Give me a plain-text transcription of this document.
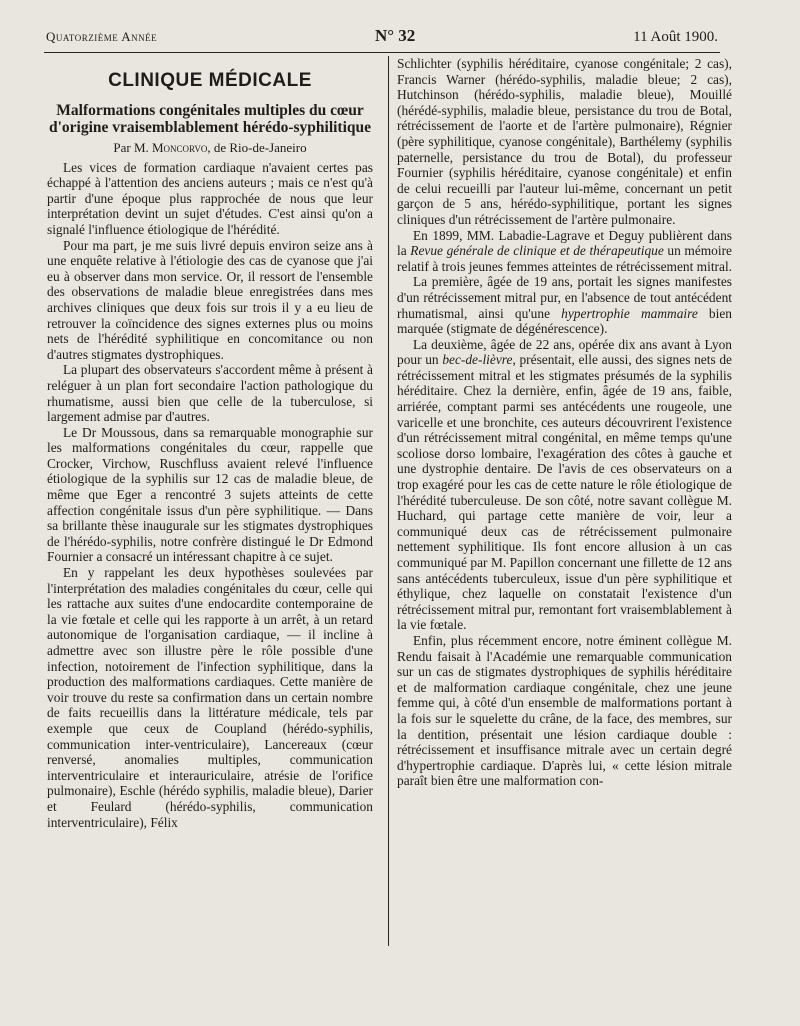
Quatorzième Année	N° 32	11 Août 1900.
CLINIQUE MÉDICALE
Malformations congénitales multiples du cœur d'origine vraisemblablement hérédo-syphilitique
Par M. Moncorvo, de Rio-de-Janeiro

Les vices de formation cardiaque n'avaient certes pas échappé à l'attention des anciens auteurs ; mais ce n'est qu'à partir d'une époque plus rapprochée de nous que leur interprétation devint un sujet d'études. C'est ainsi qu'on a signalé l'influence étiologique de l'hérédité.

Pour ma part, je me suis livré depuis environ seize ans à une enquête relative à l'étiologie des cas de cyanose que j'ai eu à observer dans mon service. Or, il ressort de l'ensemble des observations de maladie bleue enregistrées dans mes archives cliniques que deux fois sur trois il y a eu lieu de retrouver la coïncidence des signes externes plus ou moins nets de l'hérédité syphilitique en concomitance ou non d'autres stigmates dystrophiques.

La plupart des observateurs s'accordent même à présent à reléguer à un plan fort secondaire l'action pathologique du rhumatisme, aussi bien que celle de la tuberculose, si largement admise par d'autres.

Le Dr Moussous, dans sa remarquable monographie sur les malformations congénitales du cœur, rappelle que Crocker, Virchow, Ruschfluss avaient relevé l'influence étiologique de la syphilis sur 12 cas de maladie bleue, de même que Eger a rencontré 3 sujets atteints de cette affection congénitale issus d'un père syphilitique. — Dans sa brillante thèse inaugurale sur les stigmates dystrophiques de l'hérédo-syphilis, notre confrère distingué le Dr Edmond Fournier a consacré un intéressant chapitre à ce sujet.

En y rappelant les deux hypothèses soulevées par l'interprétation des maladies congénitales du cœur, celle qui les rattache aux suites d'une endocardite contemporaine de la vie fœtale et celle qui les rapporte à un arrêt, à un retard autonomique de l'organisation cardiaque, — il incline à admettre avec son illustre père le rôle possible d'une infection, notoirement de l'infection syphilitique, dans la production des malformations cardiaques. Cette manière de voir trouve du reste sa confirmation dans un certain nombre de faits recueillis dans la littérature médicale, tels par exemple que ceux de Coupland (hérédo-syphilis, communication inter-ventriculaire), Lancereaux (cœur renversé, anomalies multiples, communication interventriculaire et interauriculaire, atrésie de l'orifice pulmonaire), Eschle (hérédo syphilis, maladie bleue), Darier et Feulard (hérédo-syphilis, communication interventriculaire), Félix

Schlichter (syphilis héréditaire, cyanose congénitale; 2 cas), Francis Warner (hérédo-syphilis, maladie bleue; 2 cas), Hutchinson (hérédo-syphilis, maladie bleue), Mouillé (hérédé-syphilis, maladie bleue, persistance du trou de Botal, rétrécissement de l'aorte et de l'artère pulmonaire), Régnier (père syphilitique, cyanose congénitale), Barthélemy (syphilis paternelle, persistance du trou de Botal), du professeur Fournier (syphilis héréditaire, cyanose congénitale) et enfin de celui recueilli par l'auteur lui-même, concernant un petit garçon de 5 ans, hérédo-syphilitique, portant les signes cliniques d'un rétrécissement de l'artère pulmonaire.

En 1899, MM. Labadie-Lagrave et Deguy publièrent dans la Revue générale de clinique et de thérapeutique un mémoire relatif à trois jeunes femmes atteintes de rétrécissement mitral.

La première, âgée de 19 ans, portait les signes manifestes d'un rétrécissement mitral pur, en l'absence de tout antécédent rhumatismal, ainsi qu'une hypertrophie mammaire bien marquée (stigmate de dégénérescence).

La deuxième, âgée de 22 ans, opérée dix ans avant à Lyon pour un bec-de-lièvre, présentait, elle aussi, des signes nets de rétrécissement mitral et les stigmates présumés de la syphilis héréditaire. Chez la dernière, enfin, âgée de 19 ans, faible, arriérée, comptant parmi ses antécédents une rougeole, une varicelle et une bronchite, ces auteurs découvrirent l'existence d'un rétrécissement mitral congénital, en même temps qu'une scoliose dorso lombaire, l'exagération des côtes à gauche et une dystrophie dentaire. De l'avis de ces observateurs on a trop exagéré pour les cas de cette nature le rôle étiologique de l'hérédité tuberculeuse. De son côté, notre savant collègue M. Huchard, qui partage cette manière de voir, leur a communiqué deux cas de rétrécissement pulmonaire nettement syphilitique. Ils font encore allusion à un cas communiqué par M. Papillon concernant une fillette de 12 ans sans antécédents tuberculeux, issue d'un père syphilitique et éthylique, chez laquelle on constatait l'existence d'un rétrécissement mitral pur, remontant fort vraisemblablement à la vie fœtale.

Enfin, plus récemment encore, notre éminent collègue M. Rendu faisait à l'Académie une remarquable communication sur un cas de stigmates dystrophiques de syphilis héréditaire et de malformation cardiaque congénitale, chez une jeune femme qui, à côté d'un ensemble de malformations portant à la fois sur le squelette du crâne, de la face, des membres, sur la dentition, présentait une lésion cardiaque double : rétrécissement et insuffisance mitrale avec un certain degré d'hypertrophie cardiaque. D'après lui, « cette lésion mitrale paraît bien être une malformation con-
